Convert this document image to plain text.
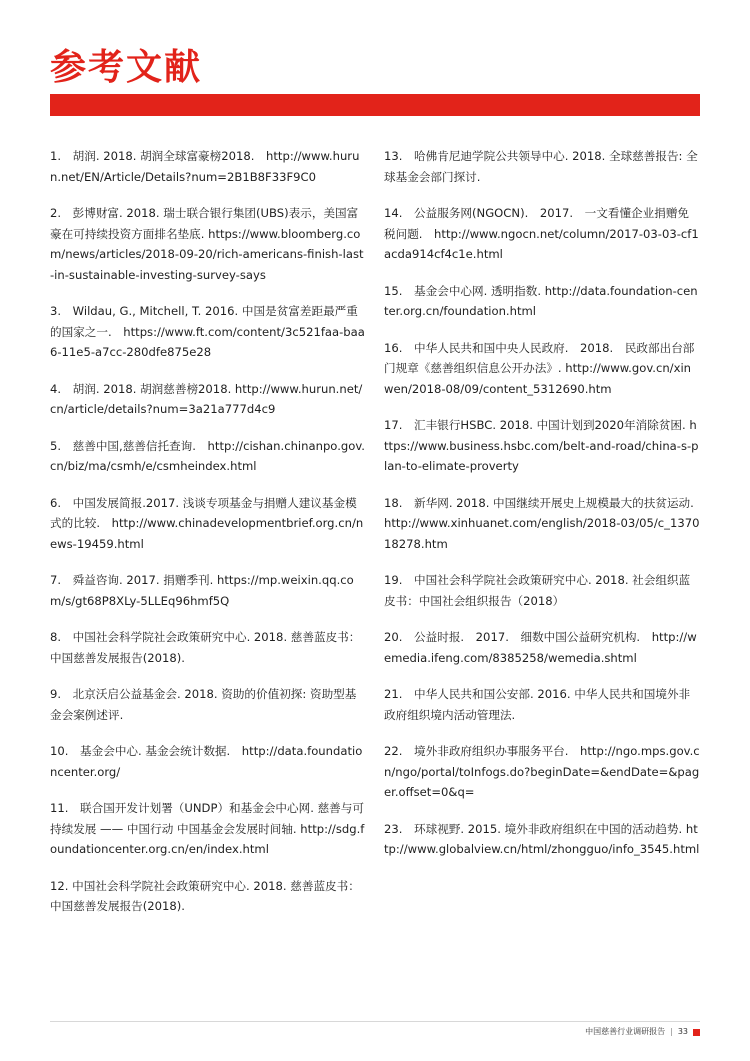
参考文献

1.　胡润. 2018. 胡润全球富豪榜2018.　http://www.hurun.net/EN/Article/Details?num=2B1B8F33F9C0

2.　彭博财富. 2018. 瑞士联合银行集团(UBS)表示，美国富豪在可持续投资方面排名垫底. https://www.bloomberg.com/news/articles/2018-09-20/rich-americans-finish-last-in-sustainable-investing-survey-says

3.　Wildau, G., Mitchell, T. 2016. 中国是贫富差距最严重的国家之一.　https://www.ft.com/content/3c521faa-baa6-11e5-a7cc-280dfe875e28

4.　胡润. 2018. 胡润慈善榜2018. http://www.hurun.net/cn/article/details?num=3a21a777d4c9

5.　慈善中国,慈善信托查询.　http://cishan.chinanpo.gov.cn/biz/ma/csmh/e/csmheindex.html

6.　中国发展简报.2017. 浅谈专项基金与捐赠人建议基金模式的比较.　http://www.chinadevelopmentbrief.org.cn/news-19459.html

7.　舜益咨询. 2017. 捐赠季刊. https://mp.weixin.qq.com/s/gt68P8XLy-5LLEq96hmf5Q

8.　中国社会科学院社会政策研究中心. 2018. 慈善蓝皮书：中国慈善发展报告(2018).

9.　北京沃启公益基金会. 2018. 资助的价值初探: 资助型基金会案例述评.

10.　基金会中心. 基金会统计数据.　http://data.foundationcenter.org/

11.　联合国开发计划署（UNDP）和基金会中心网. 慈善与可持续发展 —— 中国行动 中国基金会发展时间轴. http://sdg.foundationcenter.org.cn/en/index.html

12. 中国社会科学院社会政策研究中心. 2018. 慈善蓝皮书：中国慈善发展报告(2018).

13.　哈佛肯尼迪学院公共领导中心. 2018. 全球慈善报告: 全球基金会部门探讨.

14.　公益服务网(NGOCN).　2017.　一文看懂企业捐赠免税问题.　http://www.ngocn.net/column/2017-03-03-cf1acda914cf4c1e.html

15.　基金会中心网. 透明指数. http://data.foundation-center.org.cn/foundation.html

16.　中华人民共和国中央人民政府.　2018.　民政部出台部门规章《慈善组织信息公开办法》. http://www.gov.cn/xinwen/2018-08/09/content_5312690.htm

17.　汇丰银行HSBC. 2018. 中国计划到2020年消除贫困. https://www.business.hsbc.com/belt-and-road/china-s-plan-to-elimate-proverty

18.　新华网. 2018. 中国继续开展史上规模最大的扶贫运动. http://www.xinhuanet.com/english/2018-03/05/c_137018278.htm

19.　中国社会科学院社会政策研究中心. 2018. 社会组织蓝皮书：中国社会组织报告（2018）

20.　公益时报.　2017.　细数中国公益研究机构.　http://wemedia.ifeng.com/8385258/wemedia.shtml

21.　中华人民共和国公安部. 2016. 中华人民共和国境外非政府组织境内活动管理法.

22.　境外非政府组织办事服务平台.　http://ngo.mps.gov.cn/ngo/portal/toInfogs.do?beginDate=&endDate=&pager.offset=0&q=

23.　环球视野. 2015. 境外非政府组织在中国的活动趋势. http://www.globalview.cn/html/zhongguo/info_3545.html

中国慈善行业调研报告 | 33
